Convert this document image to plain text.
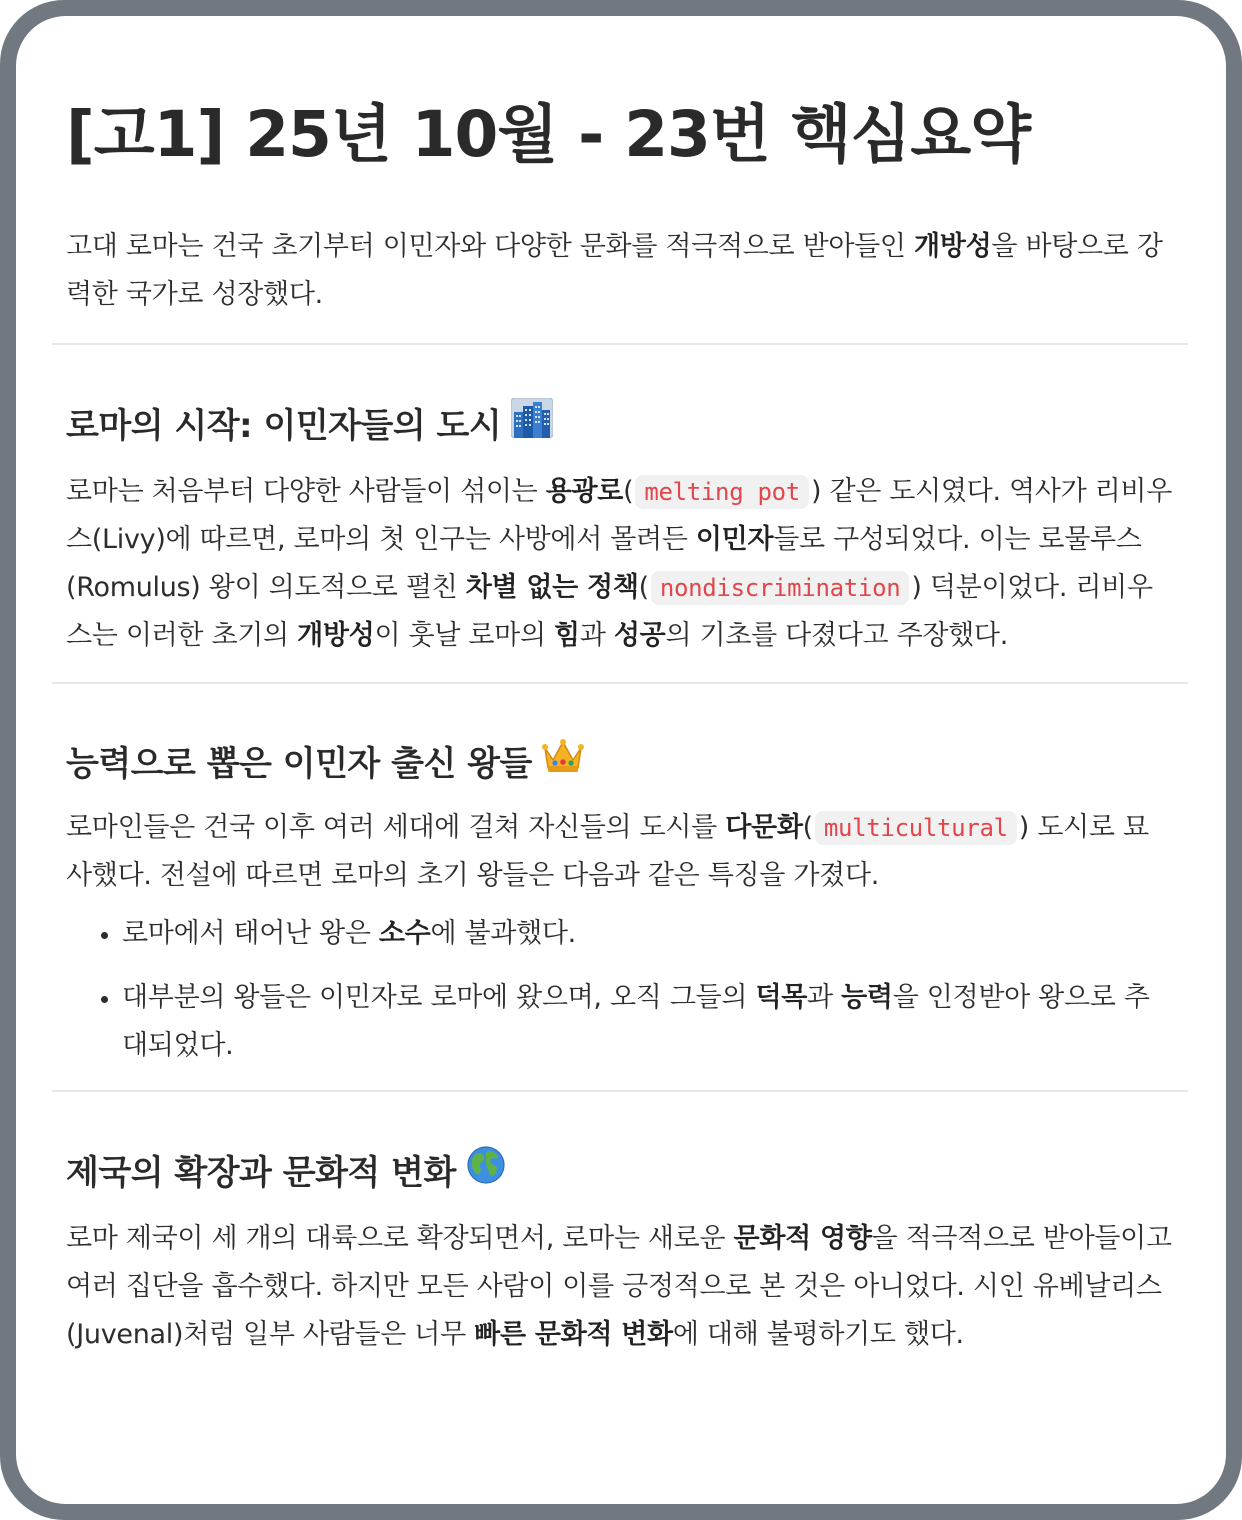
[고1] 25년 10월 - 23번 핵심요약

고대 로마는 건국 초기부터 이민자와 다양한 문화를 적극적으로 받아들인 개방성을 바탕으로 강력한 국가로 성장했다.

로마의 시작: 이민자들의 도시

로마는 처음부터 다양한 사람들이 섞이는 용광로( melting pot ) 같은 도시였다. 역사가 리비우스(Livy)에 따르면, 로마의 첫 인구는 사방에서 몰려든 이민자들로 구성되었다. 이는 로물루스(Romulus) 왕이 의도적으로 펼친 차별 없는 정책( nondiscrimination ) 덕분이었다. 리비우스는 이러한 초기의 개방성이 훗날 로마의 힘과 성공의 기초를 다졌다고 주장했다.

능력으로 뽑은 이민자 출신 왕들

로마인들은 건국 이후 여러 세대에 걸쳐 자신들의 도시를 다문화( multicultural ) 도시로 묘사했다. 전설에 따르면 로마의 초기 왕들은 다음과 같은 특징을 가졌다.

• 로마에서 태어난 왕은 소수에 불과했다.
• 대부분의 왕들은 이민자로 로마에 왔으며, 오직 그들의 덕목과 능력을 인정받아 왕으로 추대되었다.
제국의 확장과 문화적 변화

로마 제국이 세 개의 대륙으로 확장되면서, 로마는 새로운 문화적 영향을 적극적으로 받아들이고 여러 집단을 흡수했다. 하지만 모든 사람이 이를 긍정적으로 본 것은 아니었다. 시인 유베날리스(Juvenal)처럼 일부 사람들은 너무 빠른 문화적 변화에 대해 불평하기도 했다.
